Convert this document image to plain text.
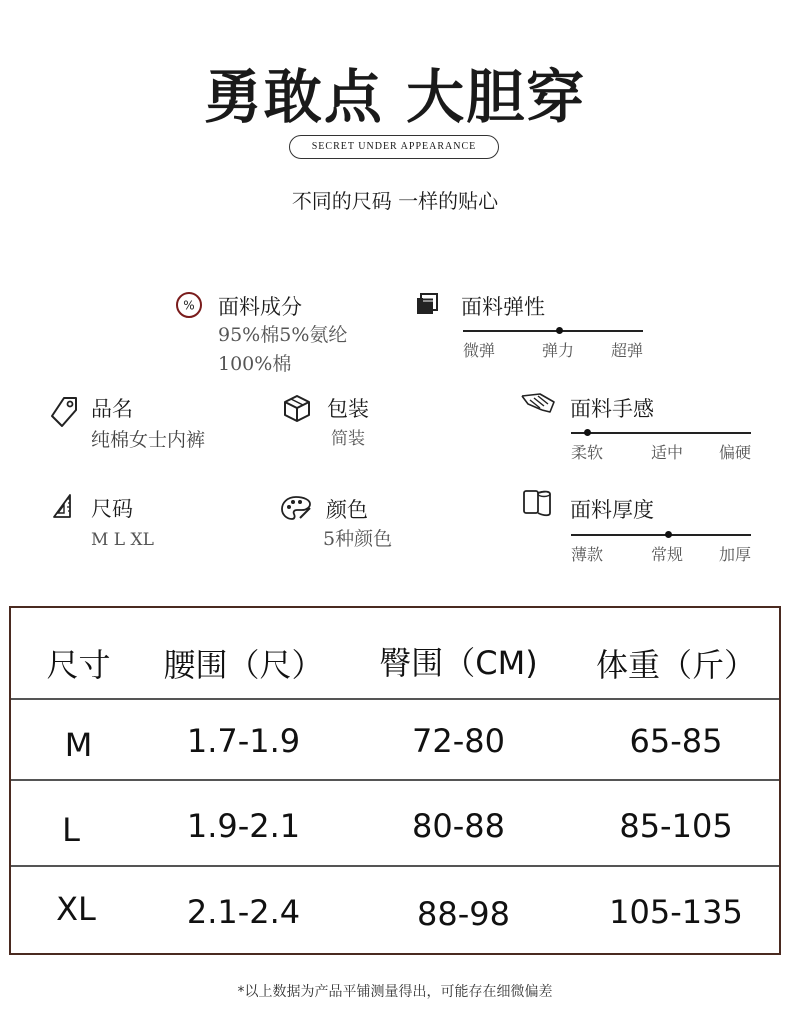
勇敢点 大胆穿
SECRET UNDER APPEARANCE
不同的尺码 一样的贴心
% 面料成分
95%棉5%氨纶
100%棉
面料弹性
微弹	弹力 超弹
品名
纯棉女士内裤
包装
简装
面料手感
柔软	适中 偏硬
尺码
M L XL
颜色
5种颜色
面料厚度
薄款	常规 加厚
尺寸	腰围（尺）	臀围（CM)	体重（斤）
M	1.7-1.9	72-80	65-85
L	1.9-2.1	80-88	85-105
XL	2.1-2.4	88-98	105-135
*以上数据为产品平铺测量得出，可能存在细微偏差
